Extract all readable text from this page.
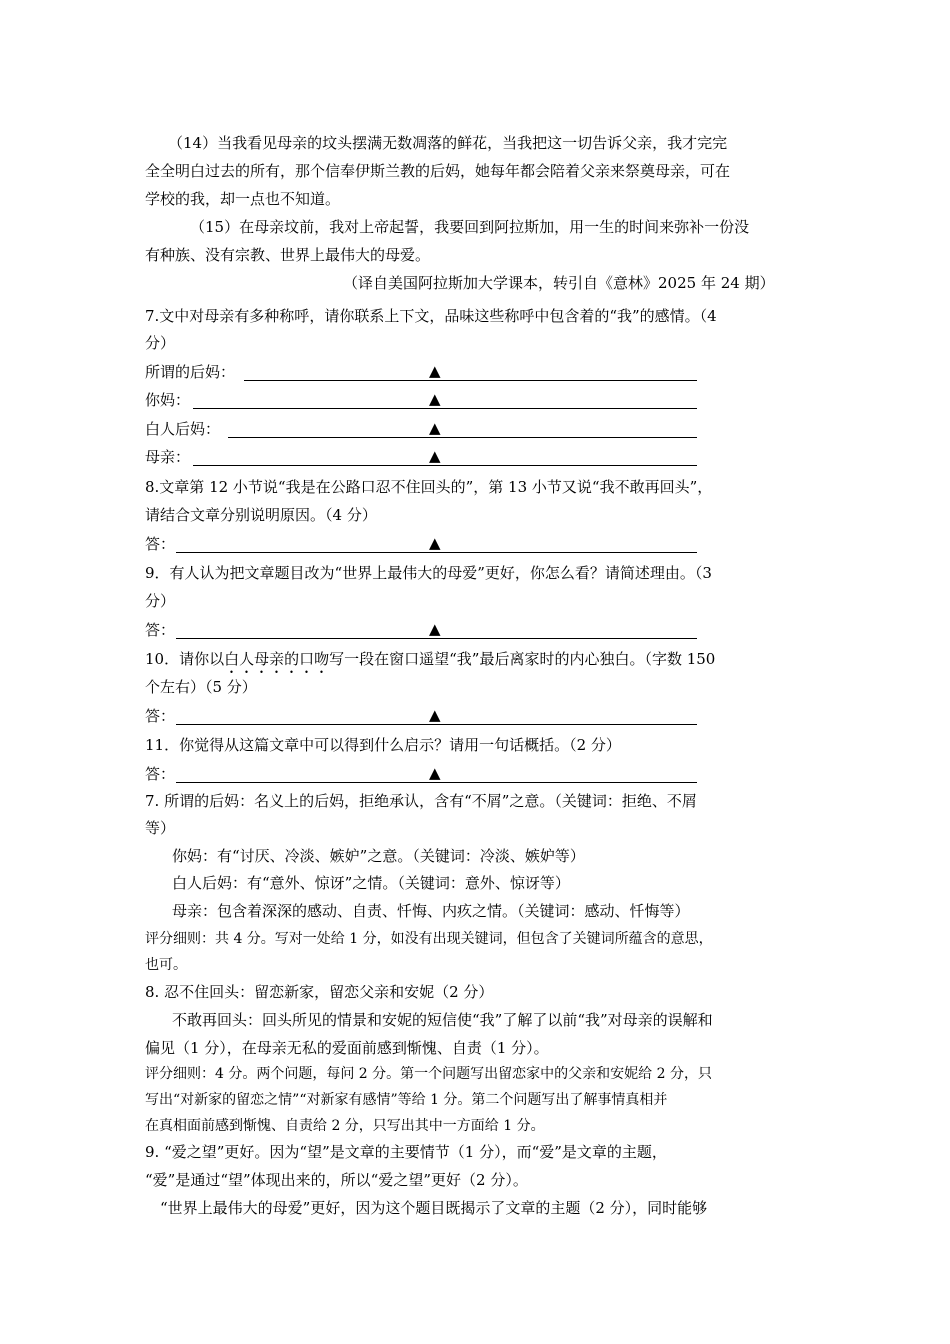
（14）当我看见母亲的坟头摆满无数凋落的鲜花，当我把这一切告诉父亲，我才完完
全全明白过去的所有，那个信奉伊斯兰教的后妈，她每年都会陪着父亲来祭奠母亲，可在
学校的我，却一点也不知道。
（15）在母亲坟前，我对上帝起誓，我要回到阿拉斯加，用一生的时间来弥补一份没
有种族、没有宗教、世界上最伟大的母爱。
（译自美国阿拉斯加大学课本，转引自《意林》2025 年 24 期）
7.文中对母亲有多种称呼，请你联系上下文，品味这些称呼中包含着的“我”的感情。（4
分）
所谓的后妈：	▲
你妈：	▲
白人后妈：	▲
母亲：	▲
8.文章第 12 小节说“我是在公路口忍不住回头的”，第 13 小节又说“我不敢再回头”，
请结合文章分别说明原因。（4 分）
答：	▲
9．有人认为把文章题目改为“世界上最伟大的母爱”更好，你怎么看？请简述理由。（3
分）
答：	▲
10．请你以白人母亲的口吻写一段在窗口遥望“我”最后离家时的内心独白。（字数 150
个左右）（5 分）
答：	▲
11．你觉得从这篇文章中可以得到什么启示？请用一句话概括。（2 分）
答：	▲
7. 所谓的后妈：名义上的后妈，拒绝承认，含有“不屑”之意。（关键词：拒绝、不屑
等）
你妈：有“讨厌、冷淡、嫉妒”之意。（关键词：冷淡、嫉妒等）
白人后妈：有“意外、惊讶”之情。（关键词：意外、惊讶等）
母亲：包含着深深的感动、自责、忏悔、内疚之情。（关键词：感动、忏悔等）
评分细则：共 4 分。写对一处给 1 分，如没有出现关键词，但包含了关键词所蕴含的意思，
也可。
8. 忍不住回头：留恋新家，留恋父亲和安妮（2 分）
不敢再回头：回头所见的情景和安妮的短信使“我”了解了以前“我”对母亲的误解和
偏见（1 分），在母亲无私的爱面前感到惭愧、自责（1 分）。
评分细则：4 分。两个问题，每问 2 分。第一个问题写出留恋家中的父亲和安妮给 2 分，只
写出“对新家的留恋之情”“对新家有感情”等给 1 分。第二个问题写出了解事情真相并
在真相面前感到惭愧、自责给 2 分，只写出其中一方面给 1 分。
9. “爱之望”更好。因为“望”是文章的主要情节（1 分），而“爱”是文章的主题，
“爱”是通过“望”体现出来的，所以“爱之望”更好（2 分）。
“世界上最伟大的母爱”更好，因为这个题目既揭示了文章的主题（2 分），同时能够
